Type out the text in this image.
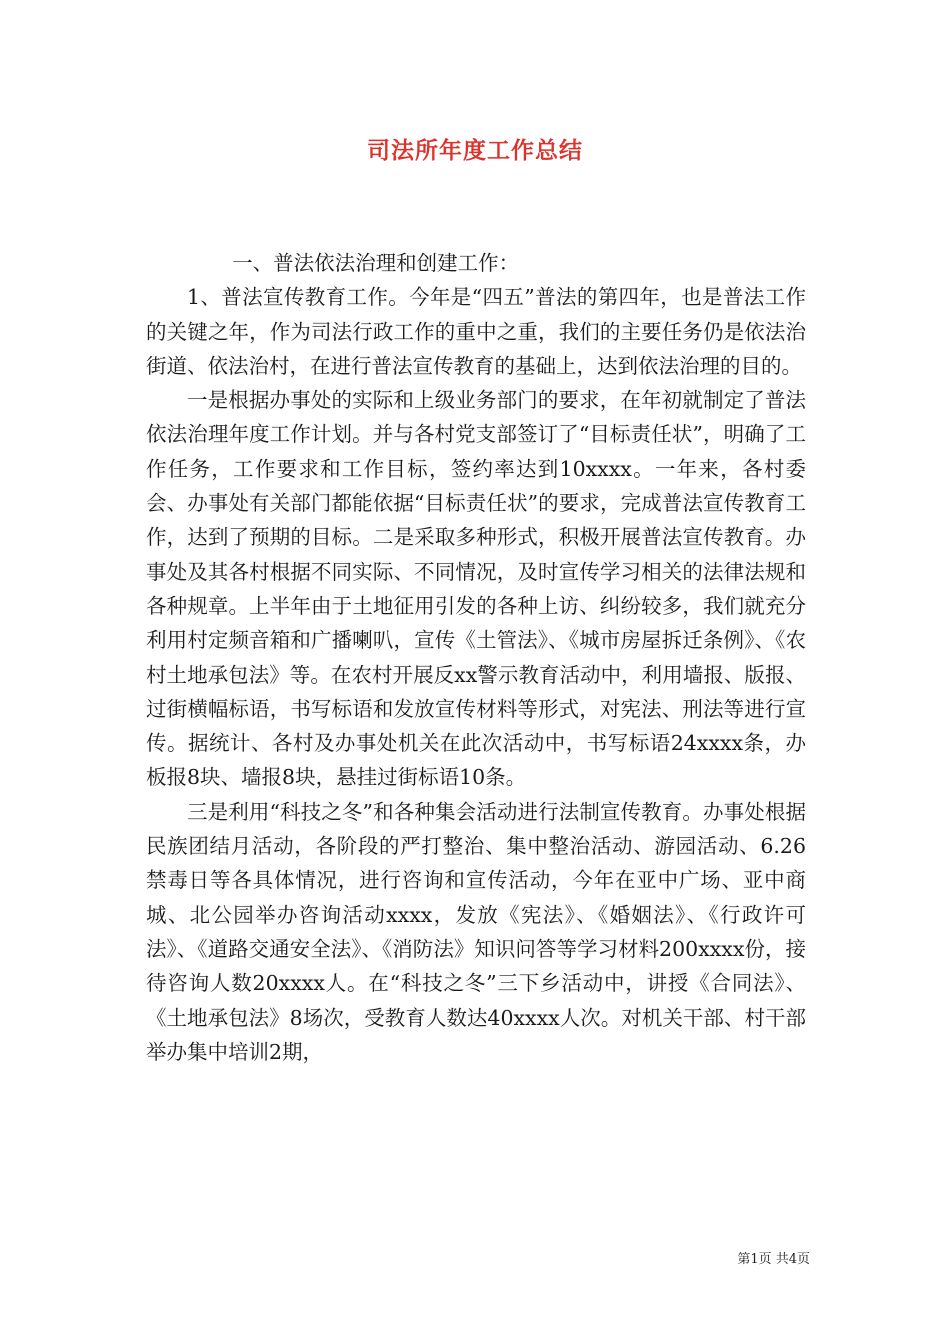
司法所年度工作总结

一、普法依法治理和创建工作：

1、普法宣传教育工作。今年是“四五”普法的第四年，也是普法工作的关键之年，作为司法行政工作的重中之重，我们的主要任务仍是依法治街道、依法治村，在进行普法宣传教育的基础上，达到依法治理的目的。

一是根据办事处的实际和上级业务部门的要求，在年初就制定了普法依法治理年度工作计划。并与各村党支部签订了“目标责任状”，明确了工作任务，工作要求和工作目标，签约率达到10xxxx。一年来，各村委会、办事处有关部门都能依据“目标责任状”的要求，完成普法宣传教育工作，达到了预期的目标。二是采取多种形式，积极开展普法宣传教育。办事处及其各村根据不同实际、不同情况，及时宣传学习相关的法律法规和各种规章。上半年由于土地征用引发的各种上访、纠纷较多，我们就充分利用村定频音箱和广播喇叭，宣传《土管法》、《城市房屋拆迁条例》、《农村土地承包法》等。在农村开展反xx警示教育活动中，利用墙报、版报、过街横幅标语，书写标语和发放宣传材料等形式，对宪法、刑法等进行宣传。据统计、各村及办事处机关在此次活动中，书写标语24xxxx条，办板报8块、墙报8块，悬挂过街标语10条。

三是利用“科技之冬”和各种集会活动进行法制宣传教育。办事处根据民族团结月活动，各阶段的严打整治、集中整治活动、游园活动、6.26禁毒日等各具体情况，进行咨询和宣传活动，今年在亚中广场、亚中商城、北公园举办咨询活动xxxx，发放《宪法》、《婚姻法》、《行政许可法》、《道路交通安全法》、《消防法》知识问答等学习材料200xxxx份，接待咨询人数20xxxx人。在“科技之冬”三下乡活动中，讲授《合同法》、《土地承包法》8场次，受教育人数达40xxxx人次。对机关干部、村干部举办集中培训2期，

第1页 共4页
